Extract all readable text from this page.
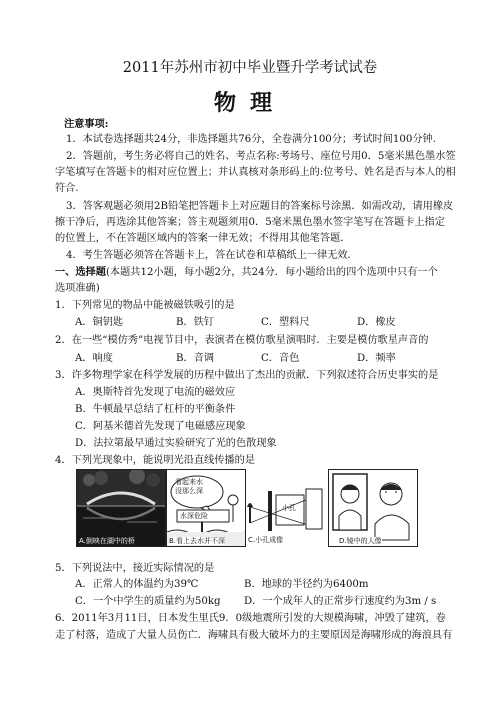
2011年苏州市初中毕业暨升学考试试卷
物理
注意事项:
1．本试卷选择题共24分，非选择题共76分，全卷满分100分；考试时间100分钟.
2．答题前，考生务必将自己的姓名、考点名称:考场号、座位号用0．5毫米黑色墨水签
字笔填写在答题卡的相对应位置上；并认真核对条形码上的:位考号、姓名是否与本人的相
符合.
3．答客观题必须用2B铅笔把答题卡上对应题目的答案标号涂黑．如需改动，请用橡皮
擦干净后，再选涂其他答案；答主观题须用0．5毫米黑色墨水签字笔写在答题卡上指定
的位置上，不在答题区域内的答案一律无效；不得用其他笔答题．
4．考生答题必须答在答题卡上，答在试卷和草稿纸上一律无效．
一、选择题(本题共12小题，每小题2分，共24分．每小题给出的四个选项中只有一个
选项准确)
1．下列常见的物品中能被磁铁吸引的是
A．铜钥匙	B．铁钉	C．塑料尺	D．橡皮
2．在一些“模仿秀”电视节目中，表演者在模仿歌星演唱时．主要是模仿歌星声音的
A．响度	B．音调	C．音色	D．频率
3．许多物理学家在科学发展的历程中做出了杰出的贡献．下列叙述符合历史事实的是
A．奥斯特首先发现了电流的磁效应
B．牛顿最早总结了杠杆的平衡条件
C．阿基米德首先发现了电磁感应现象
D．法拉第最早通过实验研究了光的色散现象
4．下列光现象中，能说明光沿直线传播的是
A.倒映在湖中的桥
看起来水
没那么深
水深危险
B.看上去水并不深
小孔
C.小孔成像	D.镜中的人像
5．下列说法中，接近实际情况的是
A．正常人的体温约为39℃	B．地球的半径约为6400m
C．一个中学生的质量约为50kg D．一个成年人的正常步行速度约为3m / s
6．2011年3月11日，日本发生里氏9．0级地震所引发的大规模海啸，冲毁了建筑，卷
走了村落，造成了大量人员伤亡．海啸具有极大破坏力的主要原因是海啸形成的海浪具有
